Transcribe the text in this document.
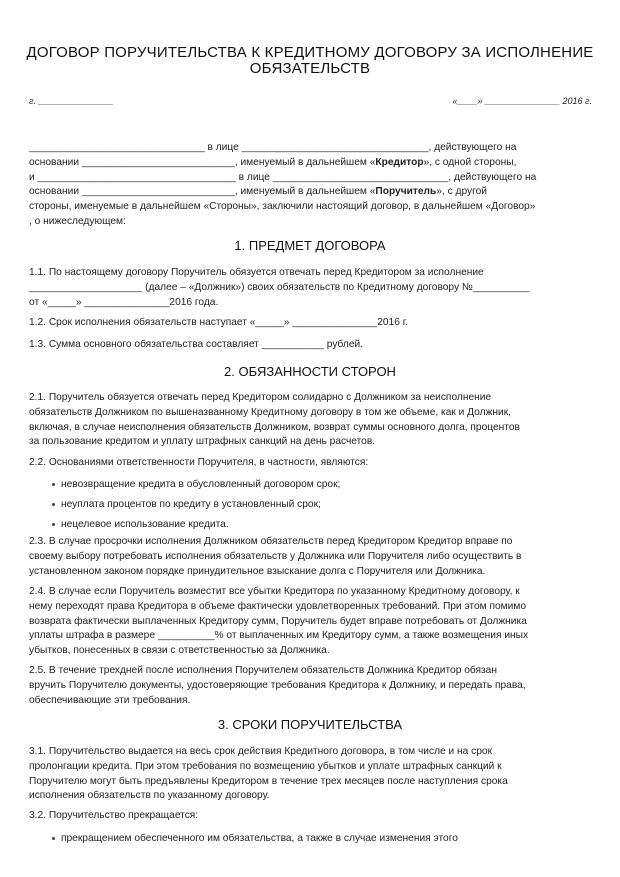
ДОГОВОР ПОРУЧИТЕЛЬСТВА К КРЕДИТНОМУ ДОГОВОРУ ЗА ИСПОЛНЕНИЕ
ОБЯЗАТЕЛЬСТВ
г. _______________	«____» _______________ 2016 г.
_______________________________ в лице _________________________________, действующего на
основании ___________________________, именуемый в дальнейшем «Кредитор», с одной стороны,
и ___________________________________ в лице _______________________________, действующего на
основании ___________________________, именуемый в дальнейшем «Поручитель», с другой
стороны, именуемые в дальнейшем «Стороны», заключили настоящий договор, в дальнейшем «Договор»
, о нижеследующем:
1. ПРЕДМЕТ ДОГОВОРА
1.1. По настоящему договору Поручитель обязуется отвечать перед Кредитором за исполнение
____________________ (далее – «Должник») своих обязательств по Кредитному договору №__________
от «_____» _______________2016 года.
1.2. Срок исполнения обязательств наступает «_____» _______________2016 г.
1.3. Сумма основного обязательства составляет ___________ рублей.
2. ОБЯЗАННОСТИ СТОРОН
2.1. Поручитель обязуется отвечать перед Кредитором солидарно с Должником за неисполнение
обязательств Должником по вышеназванному Кредитному договору в том же объеме, как и Должник,
включая, в случае неисполнения обязательств Должником, возврат суммы основного долга, процентов
за пользование кредитом и уплату штрафных санкций на день расчетов.
2.2. Основаниями ответственности Поручителя, в частности, являются:
невозвращение кредита в обусловленный договором срок;
неуплата процентов по кредиту в установленный срок;
нецелевое использование кредита.
2.3. В случае просрочки исполнения Должником обязательств перед Кредитором Кредитор вправе по
своему выбору потребовать исполнения обязательств у Должника или Поручителя либо осуществить в
установленном законом порядке принудительное взыскание долга с Поручителя или Должника.
2.4. В случае если Поручитель возместит все убытки Кредитора по указанному Кредитному договору, к
нему переходят права Кредитора в объеме фактически удовлетворенных требований. При этом помимо
возврата фактически выплаченных Кредитору сумм, Поручитель будет вправе потребовать от Должника
уплаты штрафа в размере __________% от выплаченных им Кредитору сумм, а также возмещения иных
убытков, понесенных в связи с ответственностью за Должника.
2.5. В течение трехдней после исполнения Поручителем обязательств Должника Кредитор обязан
вручить Поручителю документы, удостоверяющие требования Кредитора к Должнику, и передать права,
обеспечивающие эти требования.
3. СРОКИ ПОРУЧИТЕЛЬСТВА
3.1. Поручительство выдается на весь срок действия Кредитного договора, в том числе и на срок
пролонгации кредита. При этом требования по возмещению убытков и уплате штрафных санкций к
Поручителю могут быть предъявлены Кредитором в течение трех месяцев после наступления срока
исполнения обязательств по указанному договору.
3.2. Поручительство прекращается:
прекращением обеспеченного им обязательства, а также в случае изменения этого
